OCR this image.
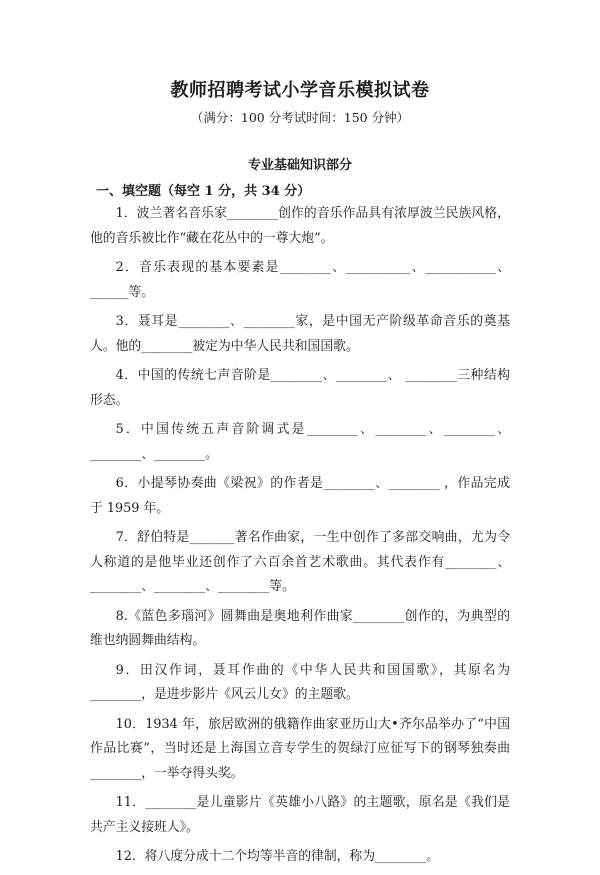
教师招聘考试小学音乐模拟试卷
（满分：100 分考试时间：150 分钟）
专业基础知识部分
一、填空题（每空 1 分，共 34 分）

1．波兰著名音乐家________创作的音乐作品具有浓厚波兰民族风格，他的音乐被比作“藏在花丛中的一尊大炮”。

2．音乐表现的基本要素是________、__________、___________、______等。

3．聂耳是________、________家，是中国无产阶级革命音乐的奠基人。他的________被定为中华人民共和国国歌。

4．中国的传统七声音阶是________、________、 ________三种结构形态。

5．中国传统五声音阶调式是________、________、________、________、________。

6．小提琴协奏曲《梁祝》的作者是________、________ ，作品完成于 1959 年。

7．舒伯特是_______著名作曲家，一生中创作了多部交响曲，尤为令人称道的是他毕业还创作了六百余首艺术歌曲。其代表作有________、________、________、________等。

8.《蓝色多瑙河》圆舞曲是奥地利作曲家________创作的，为典型的维也纳圆舞曲结构。

9．田汉作词，聂耳作曲的《中华人民共和国国歌》，其原名为________，是进步影片《风云儿女》的主题歌。

10．1934 年，旅居欧洲的俄籍作曲家亚历山大•齐尔品举办了“中国作品比赛”，当时还是上海国立音专学生的贺绿汀应征写下的钢琴独奏曲________，一举夺得头奖。

11．________是儿童影片《英雄小八路》的主题歌，原名是《我们是共产主义接班人》。

12．将八度分成十二个均等半音的律制，称为________。
